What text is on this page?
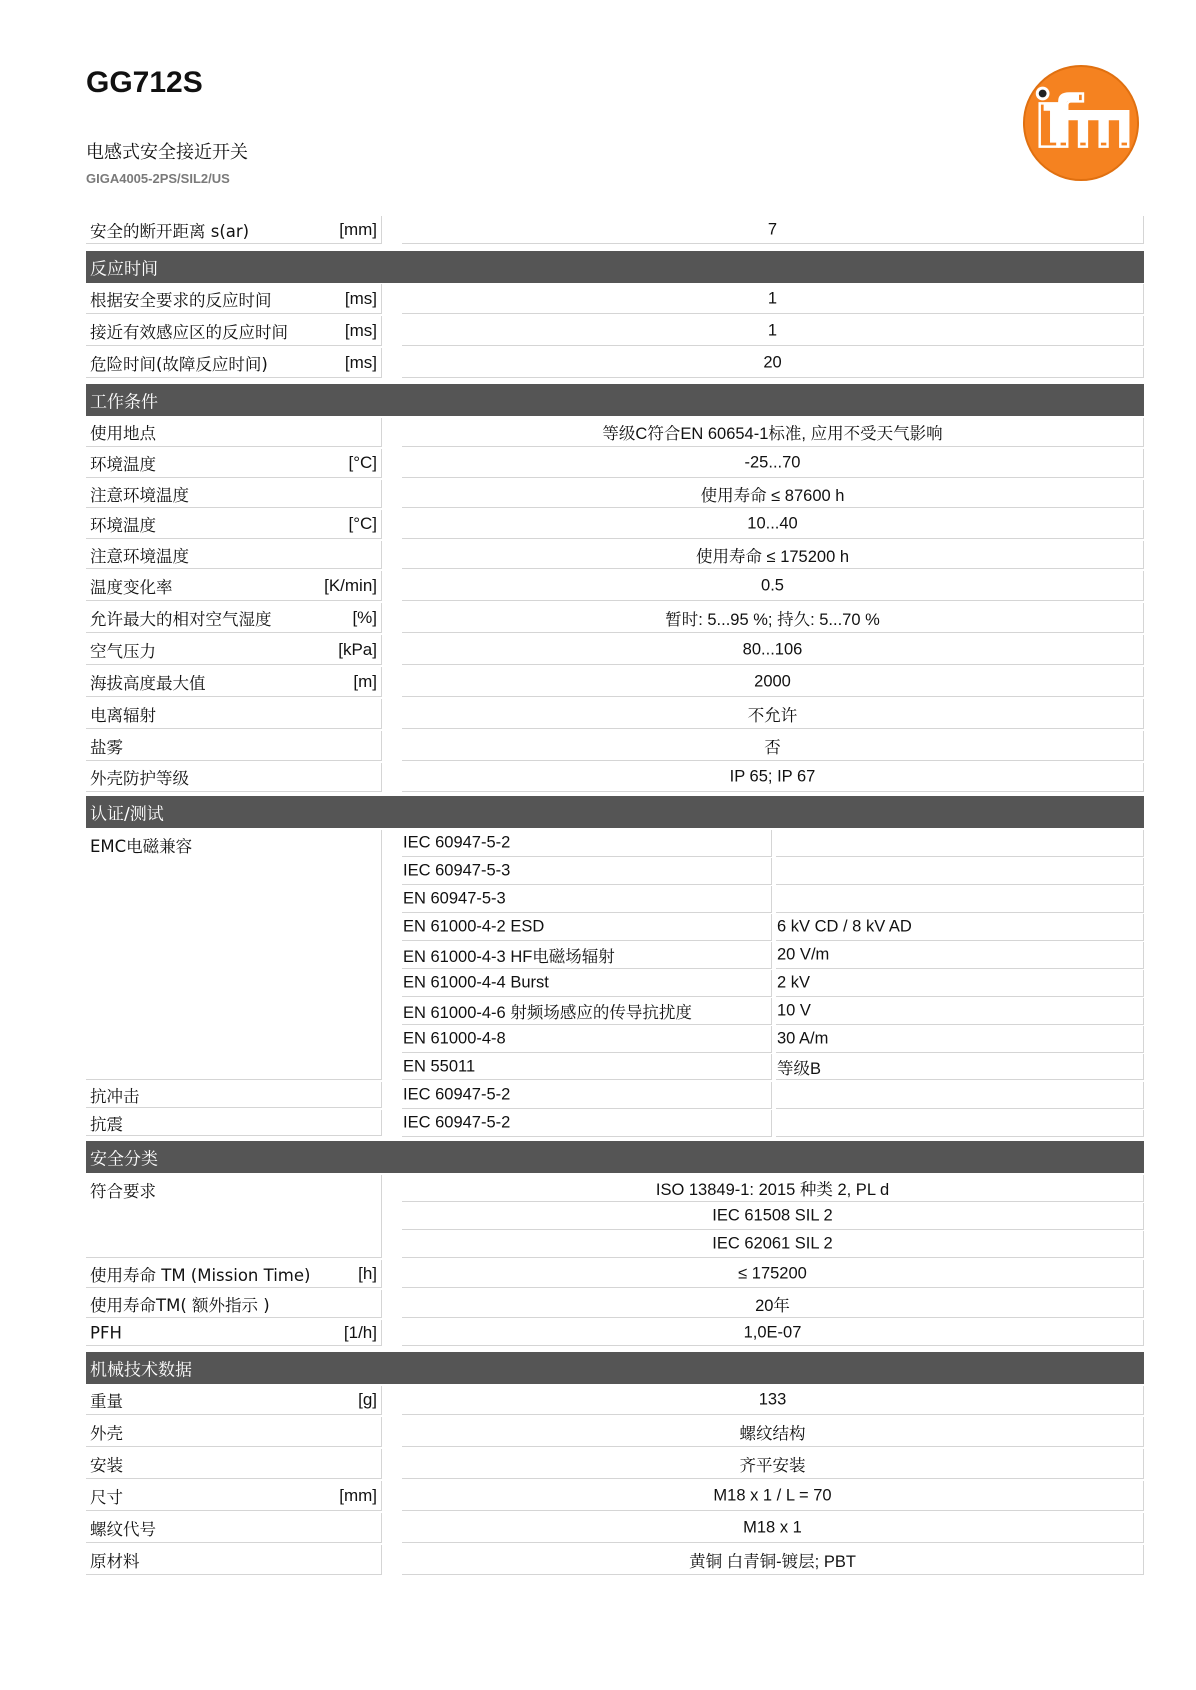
GG712S

电感式安全接近开关

GIGA4005-2PS/SIL2/US

安全的断开距离 s(ar)	[mm]	7
反应时间
根据安全要求的反应时间	[ms]	1
接近有效感应区的反应时间	[ms]	1
危险时间(故障反应时间)	[ms]	20
工作条件
使用地点	等级C符合EN 60654-1标准, 应用不受天气影响
环境温度	[°C]	-25...70
注意环境温度	使用寿命 ≤ 87600 h
环境温度	[°C]	10...40
注意环境温度	使用寿命 ≤ 175200 h
温度变化率	[K/min]	0.5
允许最大的相对空气湿度	[%]	暂时: 5...95 %; 持久: 5...70 %
空气压力	[kPa]	80...106
海拔高度最大值	[m]	2000
电离辐射	不允许
盐雾	否
外壳防护等级	IP 65; IP 67
认证/测试
EMC电磁兼容	IEC 60947-5-2
IEC 60947-5-3
EN 60947-5-3
EN 61000-4-2 ESD	6 kV CD / 8 kV AD
EN 61000-4-3 HF电磁场辐射	20 V/m
EN 61000-4-4 Burst	2 kV
EN 61000-4-6 射频场感应的传导抗扰度	10 V
EN 61000-4-8	30 A/m
EN 55011	等级B
抗冲击	IEC 60947-5-2
抗震	IEC 60947-5-2
安全分类
符合要求	ISO 13849-1: 2015 种类 2, PL d
IEC 61508 SIL 2
IEC 62061 SIL 2
使用寿命 TM (Mission Time)	[h]	≤ 175200
使用寿命TM( 额外指示 )	20年
PFH	[1/h]	1,0E-07
机械技术数据
重量	[g]	133
外壳	螺纹结构
安装	齐平安装
尺寸	[mm]	M18 x 1 / L = 70
螺纹代号	M18 x 1
原材料	黄铜 白青铜-镀层; PBT
